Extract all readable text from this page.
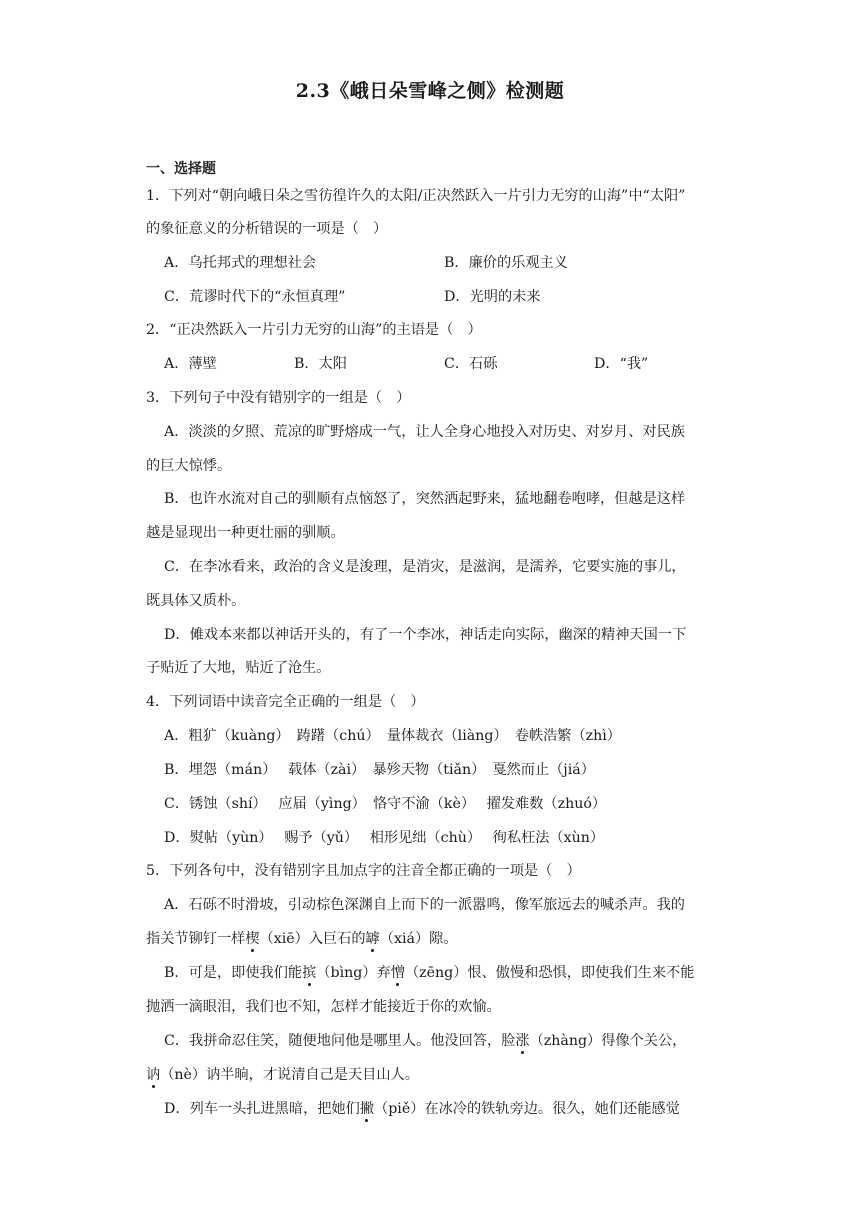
2.3《峨日朵雪峰之侧》检测题
一、选择题
1．下列对“朝向峨日朵之雪彷徨许久的太阳/正决然跃入一片引力无穷的山海”中“太阳”
的象征意义的分析错误的一项是（　）
A．乌托邦式的理想社会	B．廉价的乐观主义
C．荒谬时代下的“永恒真理”	D．光明的未来
2．“正决然跃入一片引力无穷的山海”的主语是（　）
A．薄壁	B．太阳	C．石砾	D．“我”
3．下列句子中没有错别字的一组是（　）
A．淡淡的夕照、荒凉的旷野熔成一气，让人全身心地投入对历史、对岁月、对民族
的巨大惊悸。
B．也许水流对自己的驯顺有点恼怒了，突然洒起野来，猛地翻卷咆哮，但越是这样
越是显现出一种更壮丽的驯顺。
C．在李冰看来，政治的含义是浚理，是消灾，是滋润，是濡养，它要实施的事儿，
既具体又质朴。
D．傩戏本来都以神话开头的，有了一个李冰，神话走向实际，幽深的精神天国一下
子贴近了大地，贴近了沧生。
4．下列词语中读音完全正确的一组是（　）
A．粗犷（kuàng）　踌躇（chú）　量体裁衣（liàng）　卷帙浩繁（zhì）
B．埋怨（mán）　 载体（zài）　暴殄天物（tiǎn）　戛然而止（jiá）
C．锈蚀（shí）　 应届（yìng）　恪守不渝（kè）　 擢发难数（zhuó）
D．熨帖（yùn）　 赐予（yǔ）　 相形见绌（chù）　 徇私枉法（xùn）
5．下列各句中，没有错别字且加点字的注音全都正确的一项是（　）
A．石砾不时滑坡，引动棕色深渊自上而下的一派嚣鸣，像军旅远去的喊杀声。我的
指关节铆钉一样楔（xiē）入巨石的罅（xiá）隙。
B．可是，即使我们能摈（bìng）弃憎（zēng）恨、傲慢和恐惧，即使我们生来不能
抛洒一滴眼泪，我们也不知，怎样才能接近于你的欢愉。
C．我拼命忍住笑，随便地问他是哪里人。他没回答，脸涨（zhàng）得像个关公，
讷（nè）讷半晌，才说清自己是天目山人。
D．列车一头扎进黑暗，把她们撇（piě）在冰冷的铁轨旁边。很久，她们还能感觉
